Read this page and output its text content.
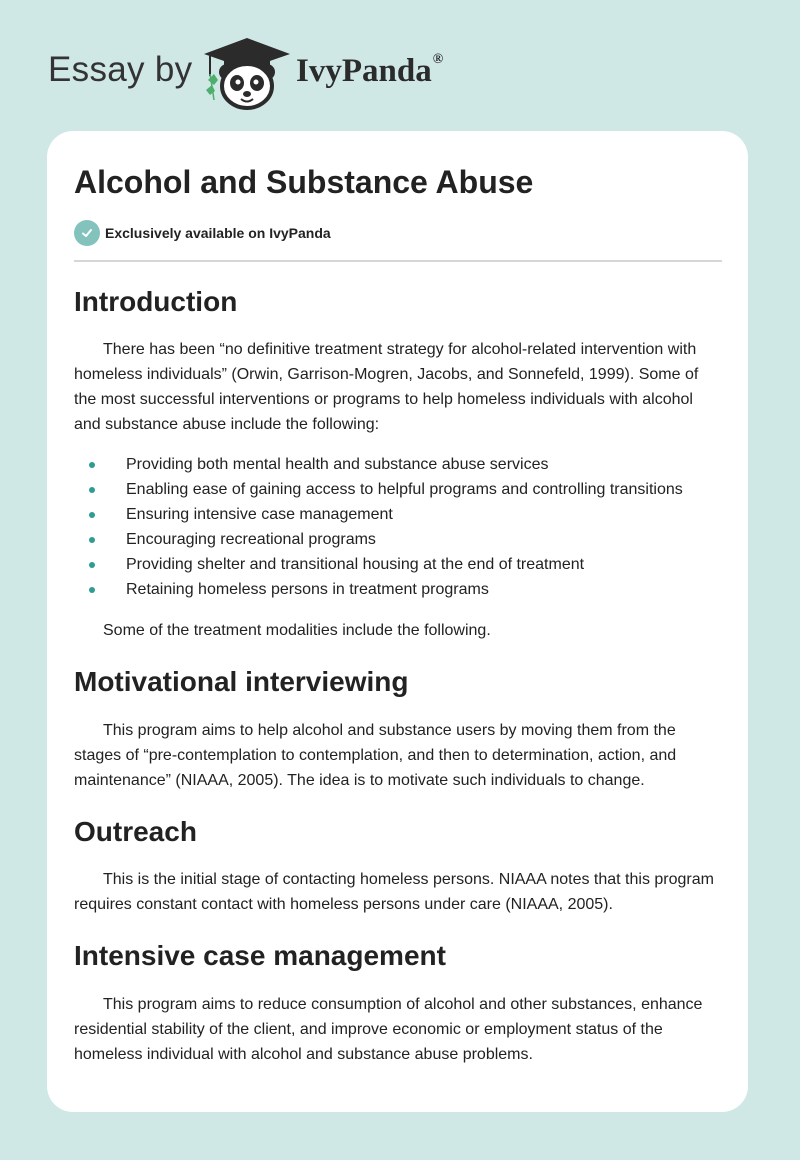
Essay by	IvyPanda®
Alcohol and Substance Abuse
Exclusively available on IvyPanda
Introduction

There has been “no definitive treatment strategy for alcohol-related intervention with homeless individuals” (Orwin, Garrison-Mogren, Jacobs, and Sonnefeld, 1999). Some of the most successful interventions or programs to help homeless individuals with alcohol and substance abuse include the following:

Providing both mental health and substance abuse services
Enabling ease of gaining access to helpful programs and controlling transitions
Ensuring intensive case management
Encouraging recreational programs
Providing shelter and transitional housing at the end of treatment
Retaining homeless persons in treatment programs

Some of the treatment modalities include the following.

Motivational interviewing

This program aims to help alcohol and substance users by moving them from the stages of “pre-contemplation to contemplation, and then to determination, action, and maintenance” (NIAAA, 2005). The idea is to motivate such individuals to change.

Outreach

This is the initial stage of contacting homeless persons. NIAAA notes that this program requires constant contact with homeless persons under care (NIAAA, 2005).

Intensive case management

This program aims to reduce consumption of alcohol and other substances, enhance residential stability of the client, and improve economic or employment status of the homeless individual with alcohol and substance abuse problems.
